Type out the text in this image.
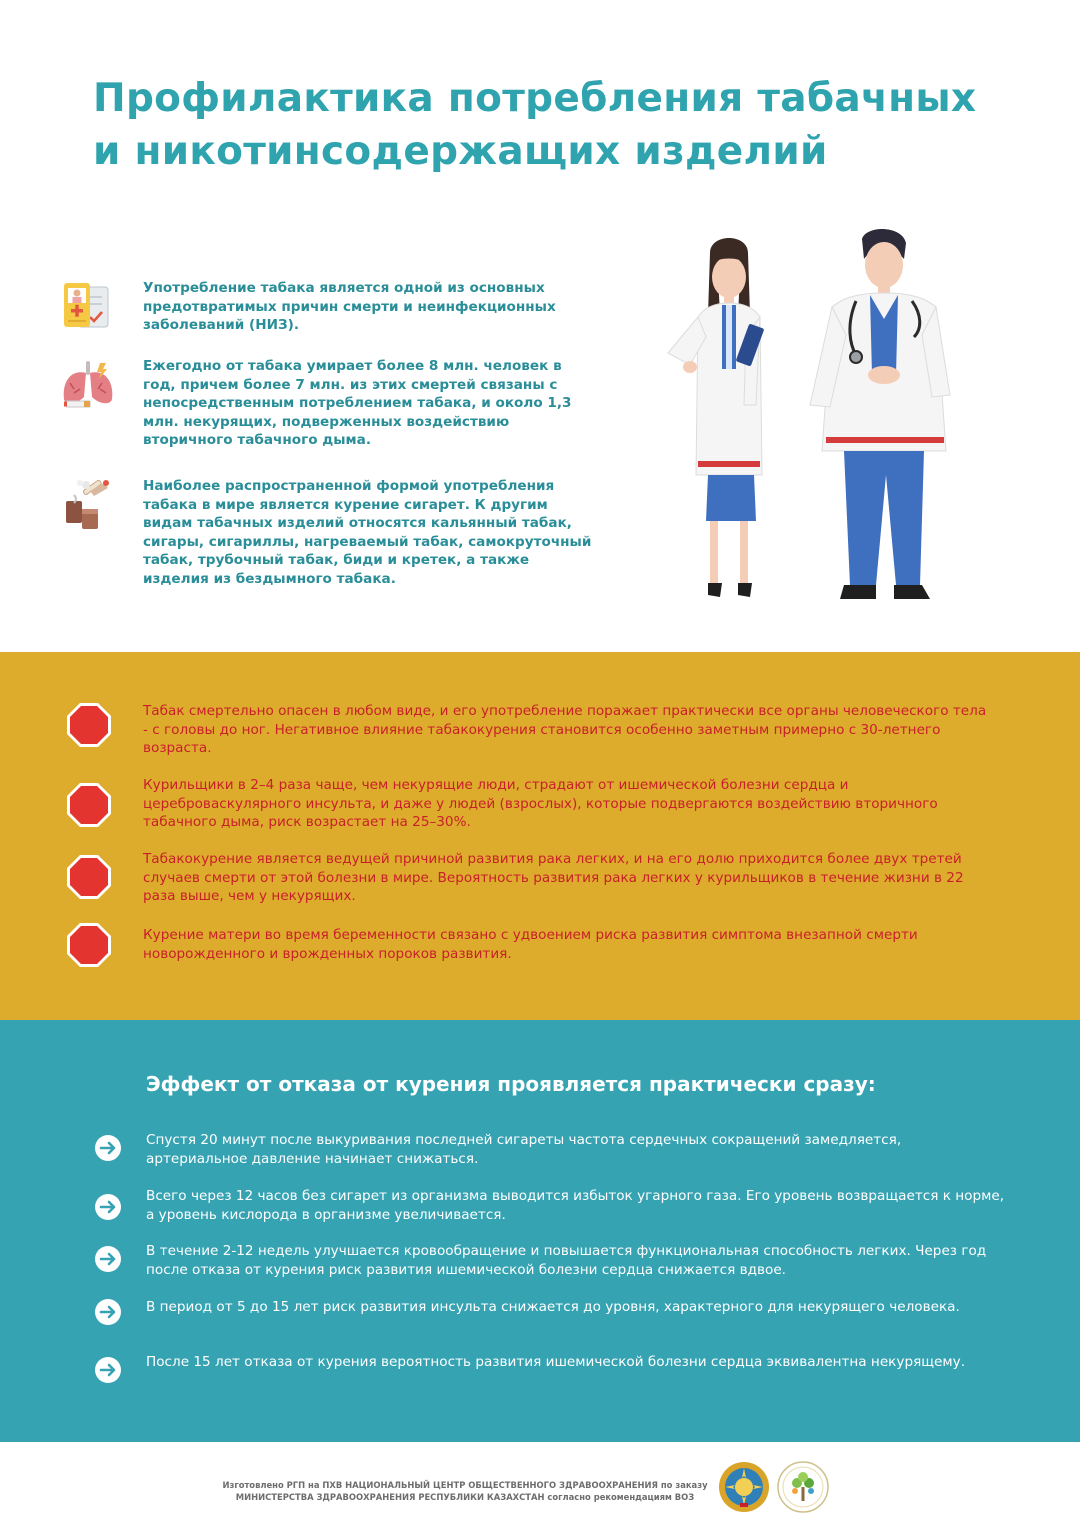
Профилактика потребления табачных и никотинсодержащих изделий
Употребление табака является одной из основных предотвратимых причин смерти и неинфекционных заболеваний (НИЗ).
Ежегодно от табака умирает более 8 млн. человек в год, причем более 7 млн. из этих смертей связаны с непосредственным потреблением табака, и около 1,3 млн. некурящих, подверженных воздействию вторичного табачного дыма.
Наиболее распространенной формой употребления табака в мире является курение сигарет. К другим видам табачных изделий относятся кальянный табак, сигары, сигариллы, нагреваемый табак, самокруточный табак, трубочный табак, биди и кретек, а также изделия из бездымного табака.
Табак смертельно опасен в любом виде, и его употребление поражает практически все органы человеческого тела - с головы до ног. Негативное влияние табакокурения становится особенно заметным примерно с 30-летнего возраста.
Курильщики в 2–4 раза чаще, чем некурящие люди, страдают от ишемической болезни сердца и цереброваскулярного инсульта, и даже у людей (взрослых), которые подвергаются воздействию вторичного табачного дыма, риск возрастает на 25–30%.
Табакокурение является ведущей причиной развития рака легких, и на его долю приходится более двух третей случаев смерти от этой болезни в мире. Вероятность развития рака легких у курильщиков в течение жизни в 22 раза выше, чем у некурящих.
Курение матери во время беременности связано с удвоением риска развития симптома внезапной смерти новорожденного и врожденных пороков развития.
Эффект от отказа от курения проявляется практически сразу:
Спустя 20 минут после выкуривания последней сигареты частота сердечных сокращений замедляется, артериальное давление начинает снижаться.
Всего через 12 часов без сигарет из организма выводится избыток угарного газа. Его уровень возвращается к норме, а уровень кислорода в организме увеличивается.
В течение 2-12 недель улучшается кровообращение и повышается функциональная способность легких. Через год после отказа от курения риск развития ишемической болезни сердца снижается вдвое.
В период от 5 до 15 лет риск развития инсульта снижается до уровня, характерного для некурящего человека.
После 15 лет отказа от курения вероятность развития ишемической болезни сердца эквивалентна некурящему.
Изготовлено РГП на ПХВ НАЦИОНАЛЬНЫЙ ЦЕНТР ОБЩЕСТВЕННОГО ЗДРАВООХРАНЕНИЯ по заказу МИНИСТЕРСТВА ЗДРАВООХРАНЕНИЯ РЕСПУБЛИКИ КАЗАХСТАН согласно рекомендациям ВОЗ
